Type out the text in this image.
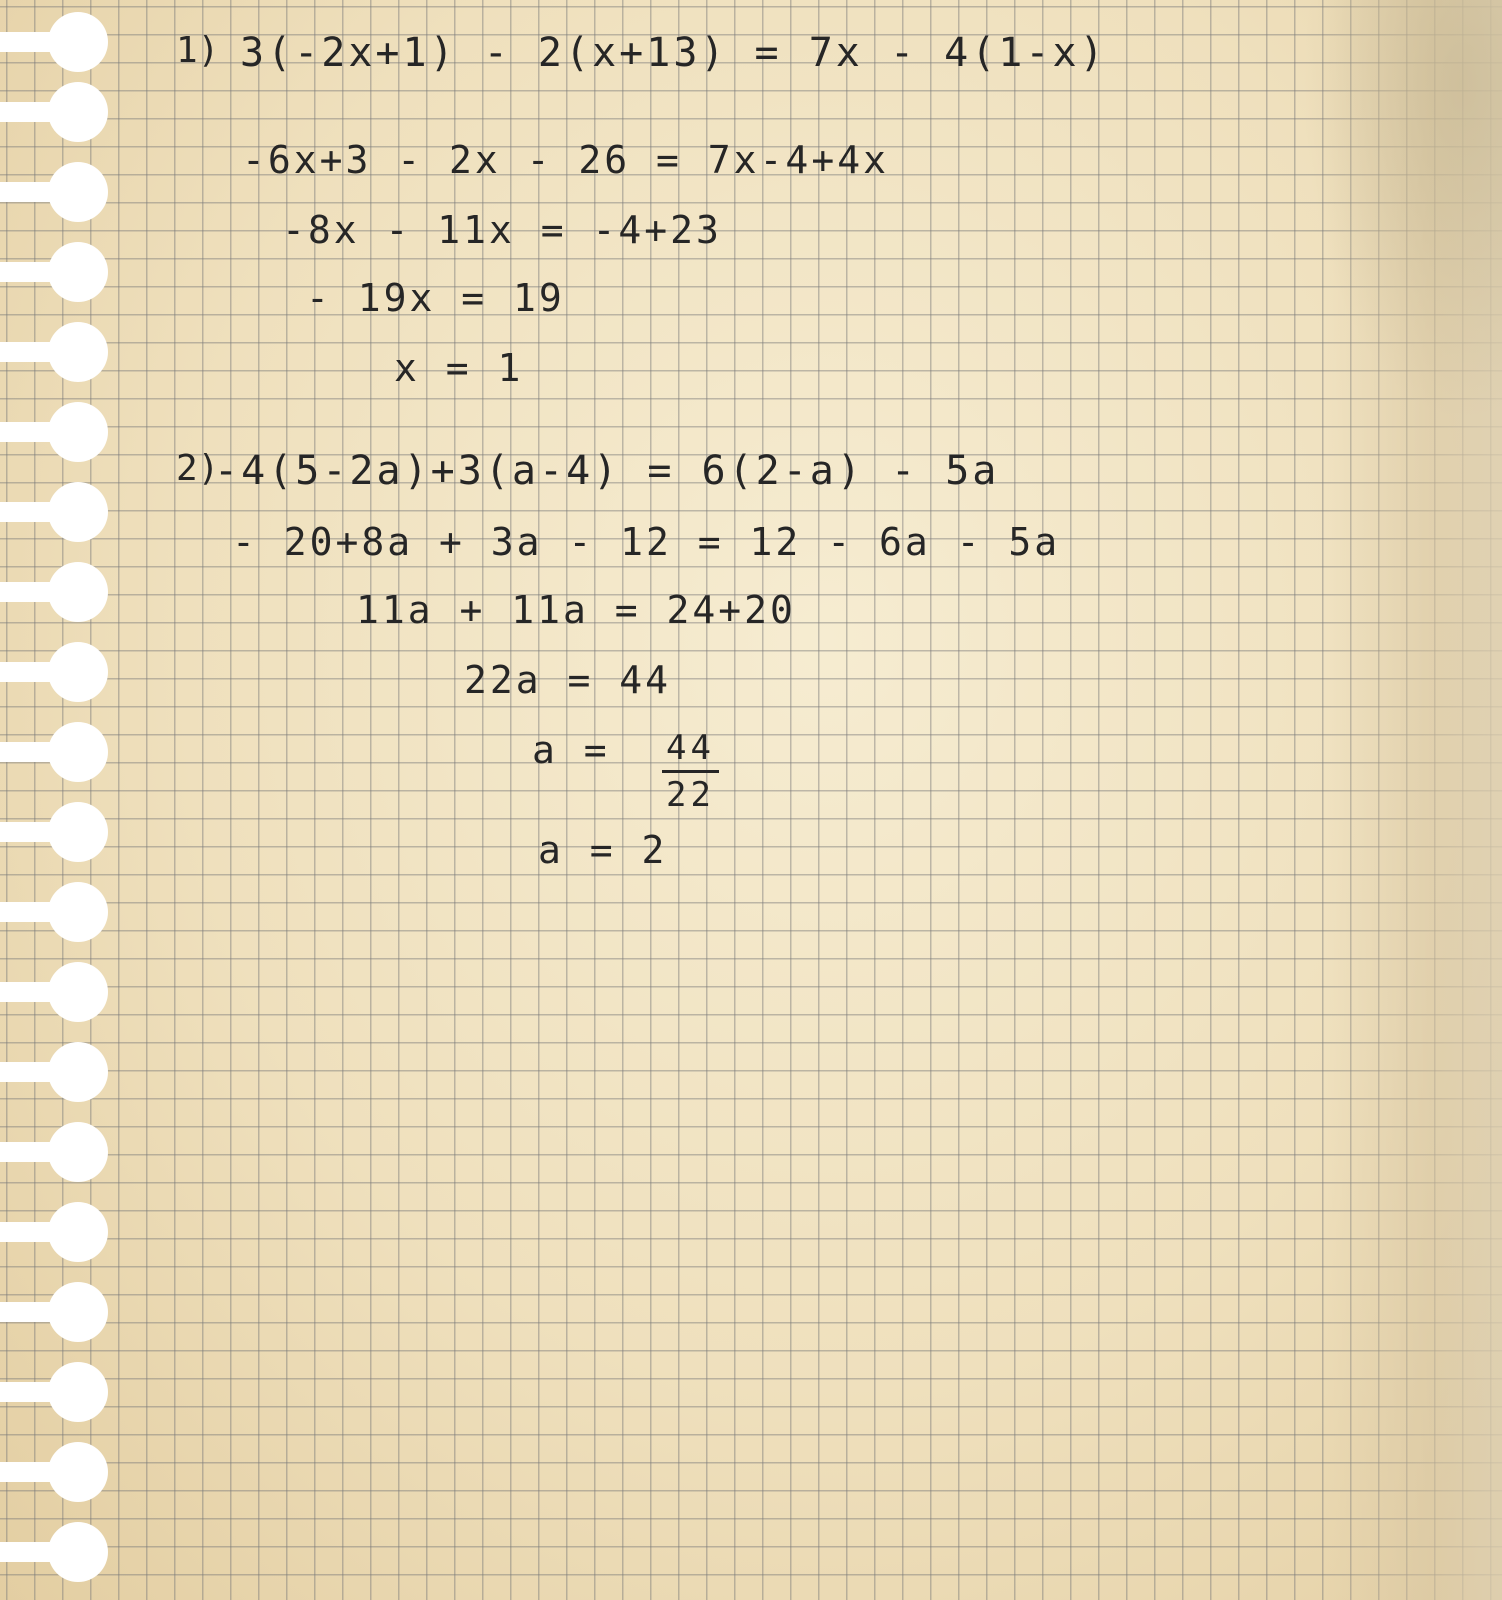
1) 3(-2x+1) - 2(x+13) = 7x - 4(1-x)
-6x+3 - 2x - 26 = 7x-4+4x
-8x - 11x = -4+23
- 19x = 19
x = 1
2)
-4(5-2a)+3(a-4) = 6(2-a) - 5a
- 20+8a + 3a - 12 = 12 - 6a - 5a
11a + 11a = 24+20
22a = 44
$a = \frac{44}{22}$
a = 2
